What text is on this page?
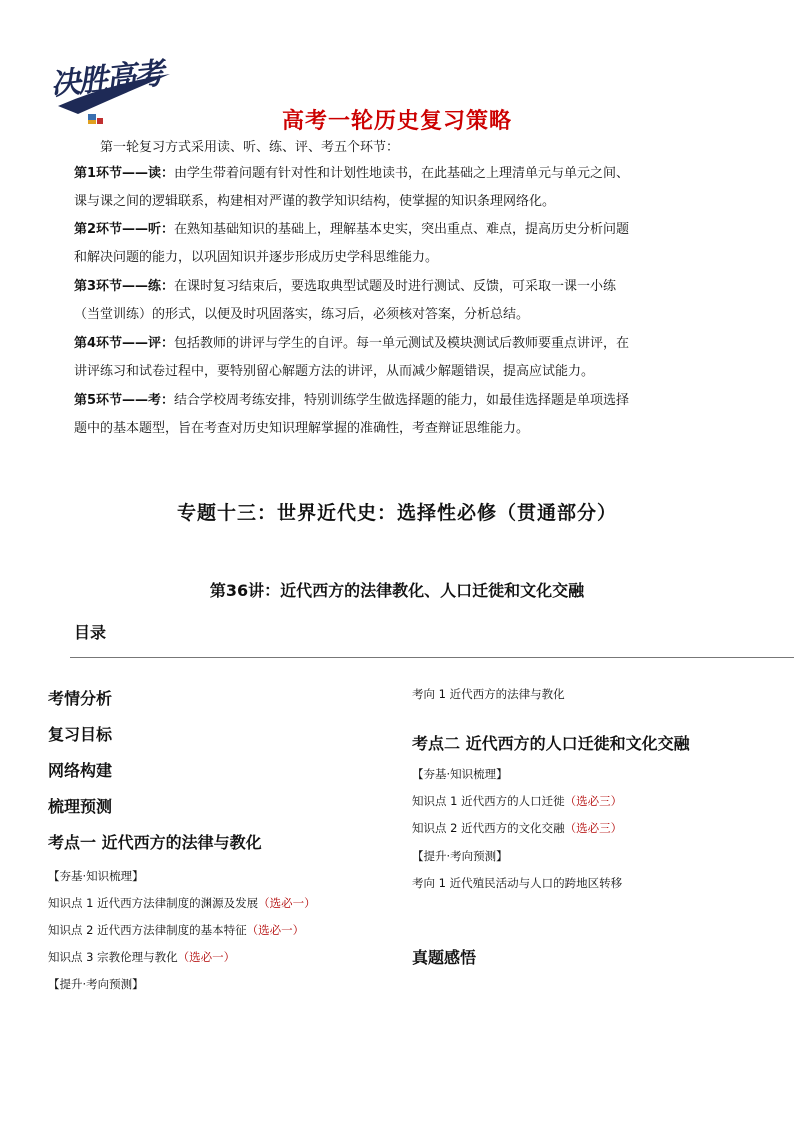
决胜高考
高考一轮历史复习策略
第一轮复习方式采用读、听、练、评、考五个环节：
第1环节——读：由学生带着问题有针对性和计划性地读书，在此基础之上理清单元与单元之间、
课与课之间的逻辑联系，构建相对严谨的教学知识结构，使掌握的知识条理网络化。
第2环节——听：在熟知基础知识的基础上，理解基本史实，突出重点、难点，提高历史分析问题
和解决问题的能力，以巩固知识并逐步形成历史学科思维能力。
第3环节——练：在课时复习结束后，要选取典型试题及时进行测试、反馈，可采取一课一小练
（当堂训练）的形式，以便及时巩固落实，练习后，必须核对答案，分析总结。
第4环节——评：包括教师的讲评与学生的自评。每一单元测试及模块测试后教师要重点讲评，在
讲评练习和试卷过程中，要特别留心解题方法的讲评，从而减少解题错误，提高应试能力。
第5环节——考：结合学校周考练安排，特别训练学生做选择题的能力，如最佳选择题是单项选择
题中的基本题型，旨在考查对历史知识理解掌握的准确性，考查辩证思维能力。
专题十三：世界近代史：选择性必修（贯通部分）
第36讲：近代西方的法律教化、人口迁徙和文化交融
目录
考情分析
复习目标
网络构建
梳理预测
考点一 近代西方的法律与教化
【夯基·知识梳理】
知识点 1 近代西方法律制度的渊源及发展（选必一）
知识点 2 近代西方法律制度的基本特征（选必一）
知识点 3 宗教伦理与教化（选必一）
【提升·考向预测】
考向 1 近代西方的法律与教化
考点二 近代西方的人口迁徙和文化交融
【夯基·知识梳理】
知识点 1 近代西方的人口迁徙（选必三）
知识点 2 近代西方的文化交融（选必三）
【提升·考向预测】
考向 1 近代殖民活动与人口的跨地区转移
真题感悟
